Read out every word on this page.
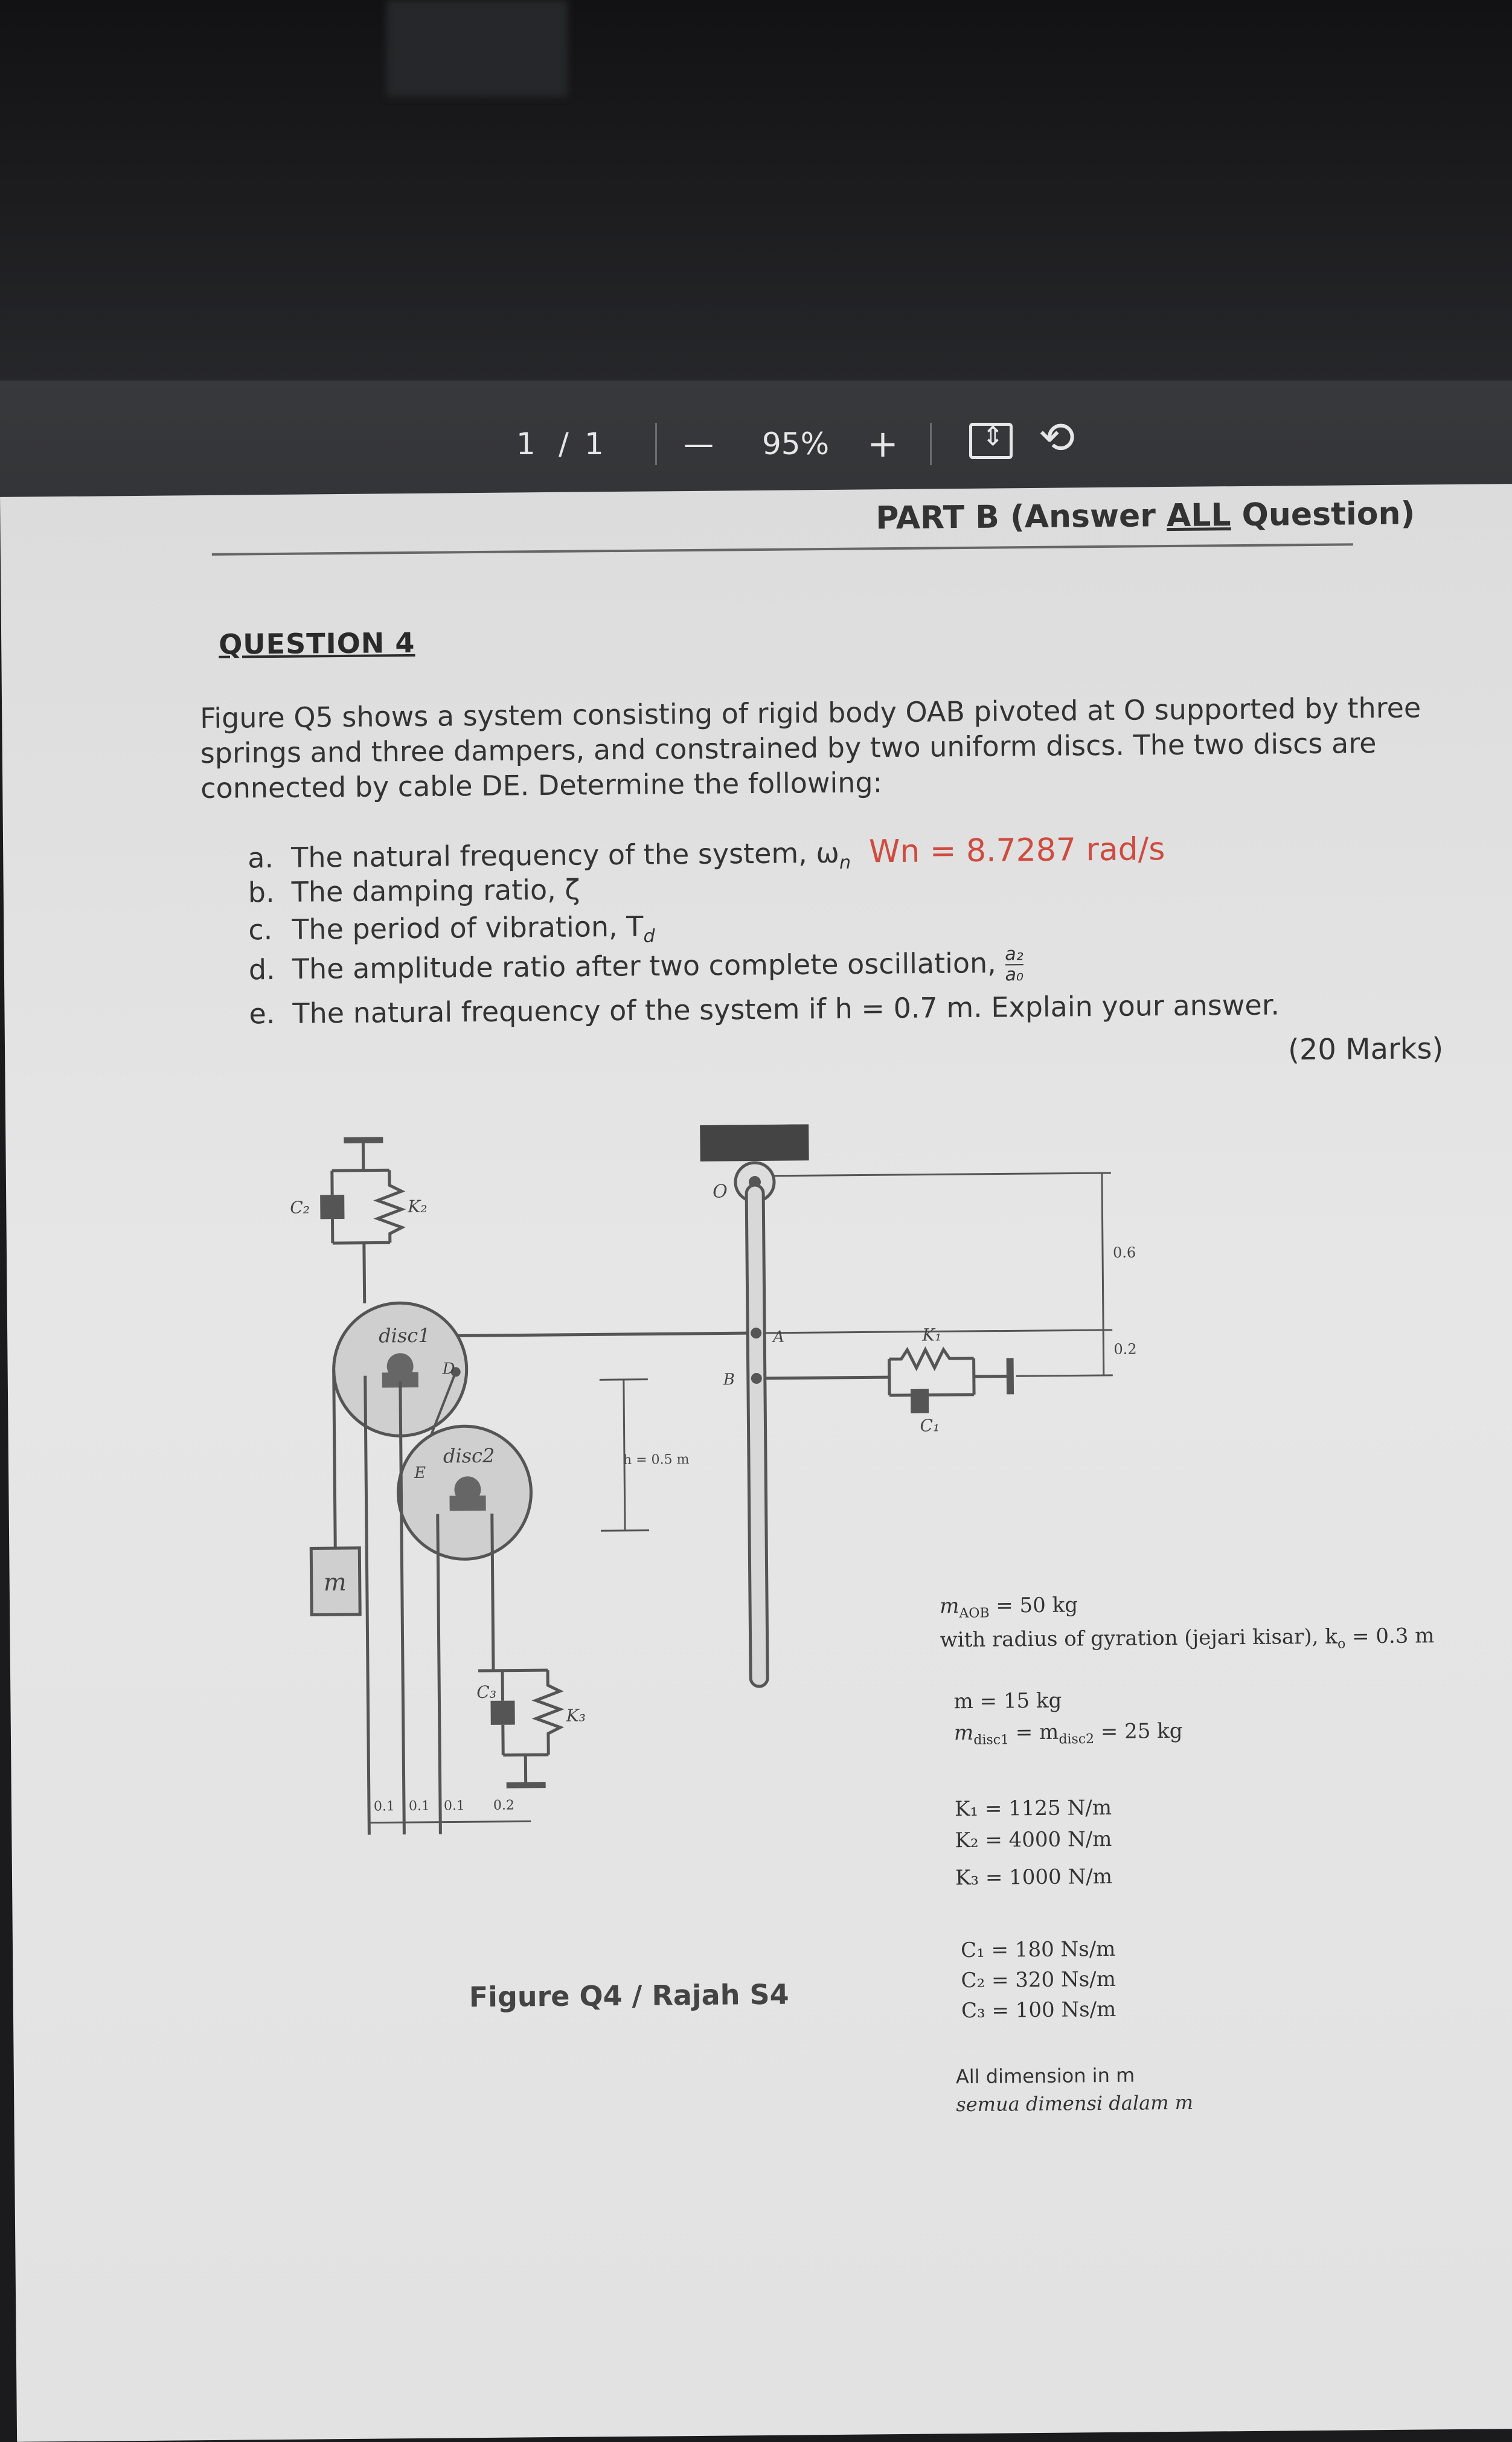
1 / 1	— 95% +
⇕	⟲
PART B (Answer ALL Question)
QUESTION 4
Figure Q5 shows a system consisting of rigid body OAB pivoted at O supported by three springs and three dampers, and constrained by two uniform discs. The two discs are connected by cable DE. Determine the following:
a. The natural frequency of the system, $\omega_n$ Wn = 8.7287 rad/s
b. The damping ratio, ζ
c. The period of vibration, $T_d$
d. The amplitude ratio after two complete oscillation, $\frac{\text{a₂}}{\text{a₀}}$
e. The natural frequency of the system if h = 0.7 m. Explain your answer.
(20 Marks)
O
A
B
D
E
K₁
K₂
K₃
C₁
C₂
C₃
disc1
disc2
m
h = 0.5 m
0.6
0.2
0.1 0.1 0.1 0.2
Figure Q4 / Rajah S4
$m_{AOB} = 50$ kg
with radius of gyration (jejari kisar), $k_o = 0.3$ m
m = 15 kg
$m_{disc1} = m_{disc2} = 25$ kg
K₁ = 1125 N/m
K₂ = 4000 N/m
K₃ = 1000 N/m
C₁ = 180 Ns/m
C₂ = 320 Ns/m
C₃ = 100 Ns/m
All dimension in m
semua dimensi dalam m
